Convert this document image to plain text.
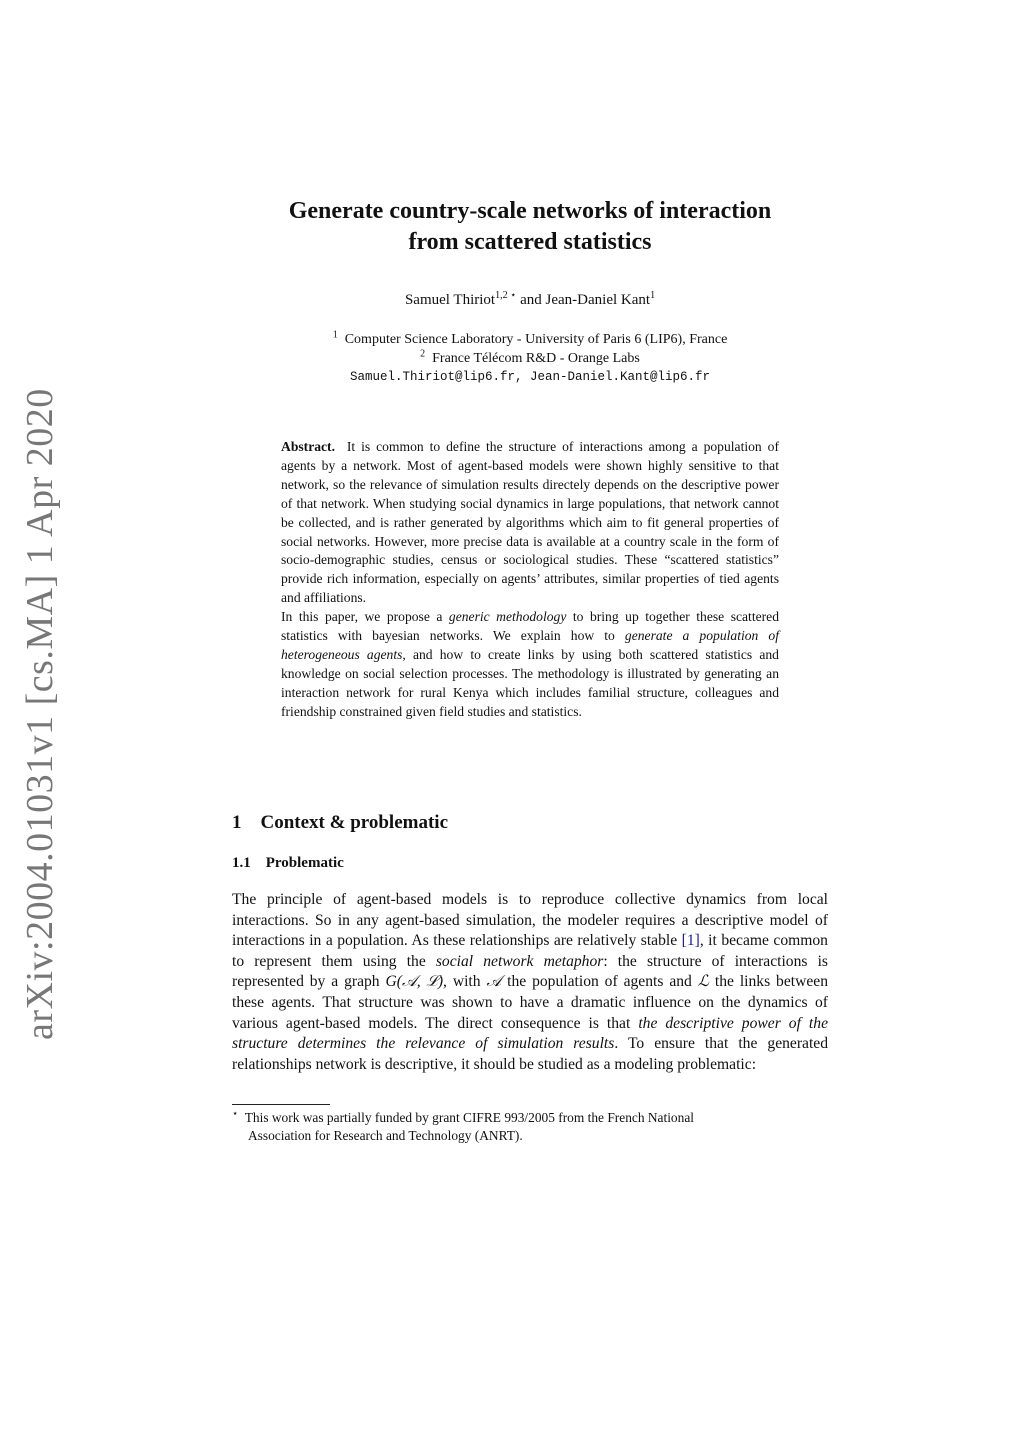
arXiv:2004.01031v1 [cs.MA] 1 Apr 2020
Generate country-scale networks of interaction
from scattered statistics
Samuel Thiriot$^{1,2 ⋆}$ and Jean-Daniel Kant$^1$
$^1$ Computer Science Laboratory - University of Paris 6 (LIP6), France
$^2$ France Télécom R&D - Orange Labs
Samuel.Thiriot@lip6.fr, Jean-Daniel.Kant@lip6.fr

Abstract. It is common to define the structure of interactions among a population of agents by a network. Most of agent-based models were shown highly sensitive to that network, so the relevance of simulation results directely depends on the descriptive power of that network. When studying social dynamics in large populations, that network cannot be collected, and is rather generated by algorithms which aim to fit general properties of social networks. However, more precise data is available at a country scale in the form of socio-demographic studies, census or sociological studies. These “scattered statistics” provide rich information, especially on agents’ attributes, similar properties of tied agents and affiliations.

In this paper, we propose a generic methodology to bring up together these scattered statistics with bayesian networks. We explain how to generate a population of heterogeneous agents, and how to create links by using both scattered statistics and knowledge on social selection processes. The methodology is illustrated by generating an interaction network for rural Kenya which includes familial structure, colleagues and friendship constrained given field studies and statistics.

1 Context & problematic
1.1 Problematic

The principle of agent-based models is to reproduce collective dynamics from local interactions. So in any agent-based simulation, the modeler requires a descriptive model of interactions in a population. As these relationships are relatively stable [1], it became common to represent them using the social network metaphor: the structure of interactions is represented by a graph G(𝒜, ℒ), with 𝒜 the population of agents and ℒ the links between these agents. That structure was shown to have a dramatic influence on the dynamics of various agent-based models. The direct consequence is that the descriptive power of the structure determines the relevance of simulation results. To ensure that the generated relationships network is descriptive, it should be studied as a modeling problematic:

⋆ This work was partially funded by grant CIFRE 993/2005 from the French National
Association for Research and Technology (ANRT).
